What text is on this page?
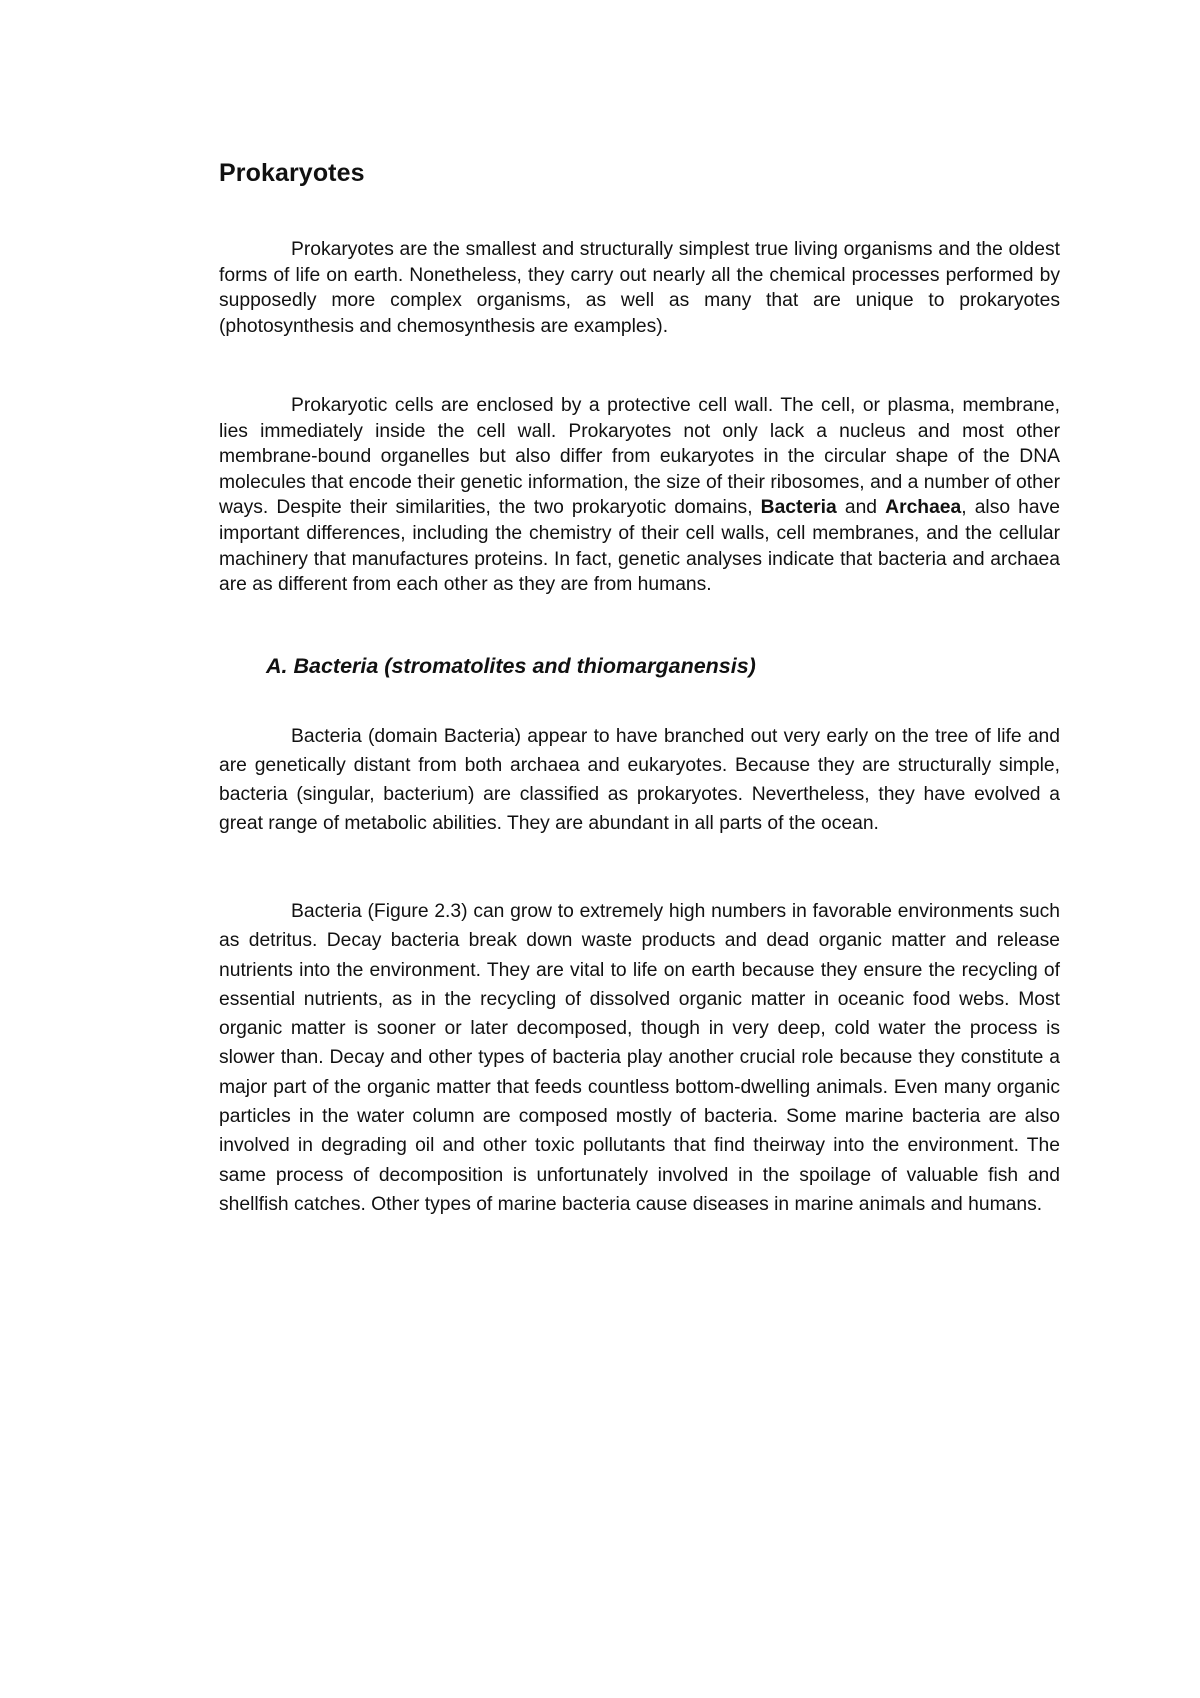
Prokaryotes

Prokaryotes are the smallest and structurally simplest true living organisms and the oldest forms of life on earth. Nonetheless, they carry out nearly all the chemical processes performed by supposedly more complex organisms, as well as many that are unique to prokaryotes (photosynthesis and chemosynthesis are examples).

Prokaryotic cells are enclosed by a protective cell wall. The cell, or plasma, membrane, lies immediately inside the cell wall. Prokaryotes not only lack a nucleus and most other membrane-bound organelles but also differ from eukaryotes in the circular shape of the DNA molecules that encode their genetic information, the size of their ribosomes, and a number of other ways. Despite their similarities, the two prokaryotic domains, Bacteria and Archaea, also have important differences, including the chemistry of their cell walls, cell membranes, and the cellular machinery that manufactures proteins. In fact, genetic analyses indicate that bacteria and archaea are as different from each other as they are from humans.

A. Bacteria (stromatolites and thiomarganensis)

Bacteria (domain Bacteria) appear to have branched out very early on the tree of life and are genetically distant from both archaea and eukaryotes. Because they are structurally simple, bacteria (singular, bacterium) are classified as prokaryotes. Nevertheless, they have evolved a great range of metabolic abilities. They are abundant in all parts of the ocean.

Bacteria (Figure 2.3) can grow to extremely high numbers in favorable environments such as detritus. Decay bacteria break down waste products and dead organic matter and release nutrients into the environment. They are vital to life on earth because they ensure the recycling of essential nutrients, as in the recycling of dissolved organic matter in oceanic food webs. Most organic matter is sooner or later decomposed, though in very deep, cold water the process is slower than. Decay and other types of bacteria play another crucial role because they constitute a major part of the organic matter that feeds countless bottom-dwelling animals. Even many organic particles in the water column are composed mostly of bacteria. Some marine bacteria are also involved in degrading oil and other toxic pollutants that find theirway into the environment. The same process of decomposition is unfortunately involved in the spoilage of valuable fish and shellfish catches. Other types of marine bacteria cause diseases in marine animals and humans.
